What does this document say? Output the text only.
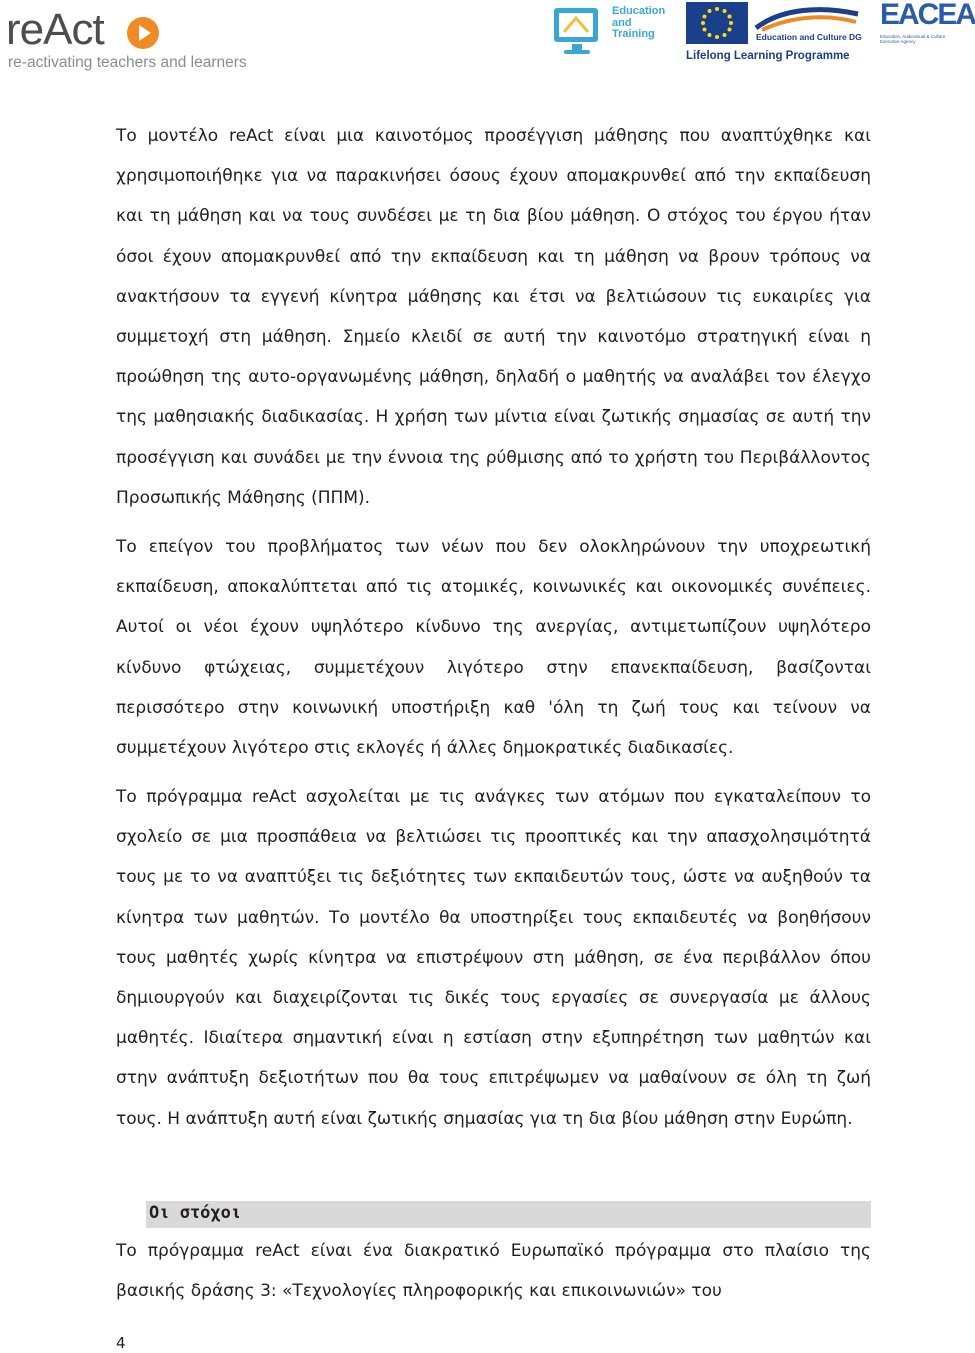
reAct
re-activating teachers and learners
Education and Training	Education and Culture DG
Lifelong Learning Programme
EACEA
Education, Audiovisual & Culture Executive Agency
Το μοντέλο reAct είναι μια καινοτόμος προσέγγιση μάθησης που αναπτύχθηκε και χρησιμοποιήθηκε για να παρακινήσει όσους έχουν απομακρυνθεί από την εκπαίδευση και τη μάθηση και να τους συνδέσει με τη δια βίου μάθηση. Ο στόχος του έργου ήταν όσοι έχουν απομακρυνθεί από την εκπαίδευση και τη μάθηση να βρουν τρόπους να ανακτήσουν τα εγγενή κίνητρα μάθησης και έτσι να βελτιώσουν τις ευκαιρίες για συμμετοχή στη μάθηση. Σημείο κλειδί σε αυτή την καινοτόμο στρατηγική είναι η προώθηση της αυτο-οργανωμένης μάθηση, δηλαδή ο μαθητής να αναλάβει τον έλεγχο της μαθησιακής διαδικασίας. Η χρήση των μίντια είναι ζωτικής σημασίας σε αυτή την προσέγγιση και συνάδει με την έννοια της ρύθμισης από το χρήστη του Περιβάλλοντος Προσωπικής Μάθησης (ΠΠΜ).
Το επείγον του προβλήματος των νέων που δεν ολοκληρώνουν την υποχρεωτική εκπαίδευση, αποκαλύπτεται από τις ατομικές, κοινωνικές και οικονομικές συνέπειες. Αυτοί οι νέοι έχουν υψηλότερο κίνδυνο της ανεργίας, αντιμετωπίζουν υψηλότερο κίνδυνο φτώχειας, συμμετέχουν λιγότερο στην επανεκπαίδευση, βασίζονται περισσότερο στην κοινωνική υποστήριξη καθ 'όλη τη ζωή τους και τείνουν να συμμετέχουν λιγότερο στις εκλογές ή άλλες δημοκρατικές διαδικασίες.
Το πρόγραμμα reAct ασχολείται με τις ανάγκες των ατόμων που εγκαταλείπουν το σχολείο σε μια προσπάθεια να βελτιώσει τις προοπτικές και την απασχολησιμότητά τους με το να αναπτύξει τις δεξιότητες των εκπαιδευτών τους, ώστε να αυξηθούν τα κίνητρα των μαθητών. Το μοντέλο θα υποστηρίξει τους εκπαιδευτές να βοηθήσουν τους μαθητές χωρίς κίνητρα να επιστρέψουν στη μάθηση, σε ένα περιβάλλον όπου δημιουργούν και διαχειρίζονται τις δικές τους εργασίες σε συνεργασία με άλλους μαθητές. Ιδιαίτερα σημαντική είναι η εστίαση στην εξυπηρέτηση των μαθητών και στην ανάπτυξη δεξιοτήτων που θα τους επιτρέψωμεν να μαθαίνουν σε όλη τη ζωή τους. Η ανάπτυξη αυτή είναι ζωτικής σημασίας για τη δια βίου μάθηση στην Ευρώπη.
Οι στόχοι
Το πρόγραμμα reAct είναι ένα διακρατικό Ευρωπαϊκό πρόγραμμα στο πλαίσιο της βασικής δράσης 3: «Τεχνολογίες πληροφορικής και επικοινωνιών» του
4
